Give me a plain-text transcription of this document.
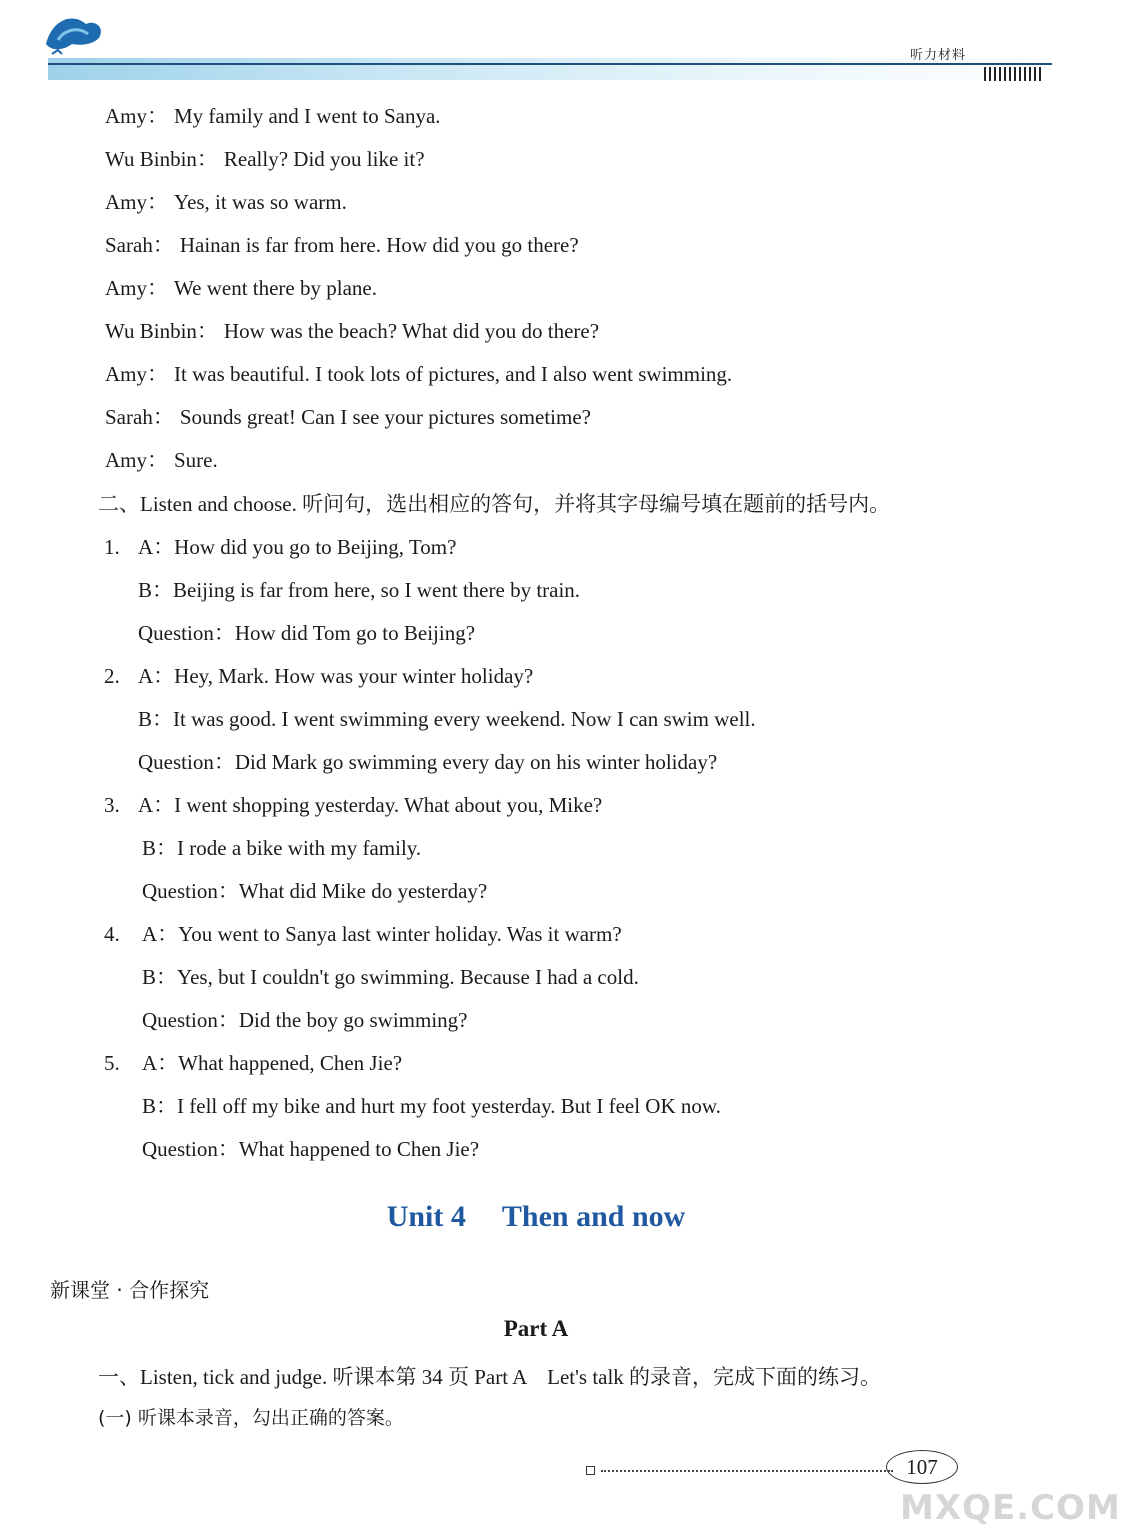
听力材料
Amy： My family and I went to Sanya.
Wu Binbin： Really? Did you like it?
Amy： Yes, it was so warm.
Sarah： Hainan is far from here. How did you go there?
Amy： We went there by plane.
Wu Binbin： How was the beach? What did you do there?
Amy： It was beautiful. I took lots of pictures, and I also went swimming.
Sarah： Sounds great! Can I see your pictures sometime?
Amy： Sure.
二、Listen and choose. 听问句，选出相应的答句，并将其字母编号填在题前的括号内。
1. A：How did you go to Beijing, Tom?
B：Beijing is far from here, so I went there by train.
Question：How did Tom go to Beijing?
2. A：Hey, Mark. How was your winter holiday?
B：It was good. I went swimming every weekend. Now I can swim well.
Question：Did Mark go swimming every day on his winter holiday?
3. A：I went shopping yesterday. What about you, Mike?
B：I rode a bike with my family.
Question：What did Mike do yesterday?
4. A：You went to Sanya last winter holiday. Was it warm?
B：Yes, but I couldn't go swimming. Because I had a cold.
Question：Did the boy go swimming?
5. A：What happened, Chen Jie?
B：I fell off my bike and hurt my foot yesterday. But I feel OK now.
Question：What happened to Chen Jie?
Unit 4 Then and now
新课堂 · 合作探究
Part A
一、Listen, tick and judge. 听课本第 34 页 Part A　Let's talk 的录音，完成下面的练习。
(一) 听课本录音，勾出正确的答案。
107
MXQE.COM
